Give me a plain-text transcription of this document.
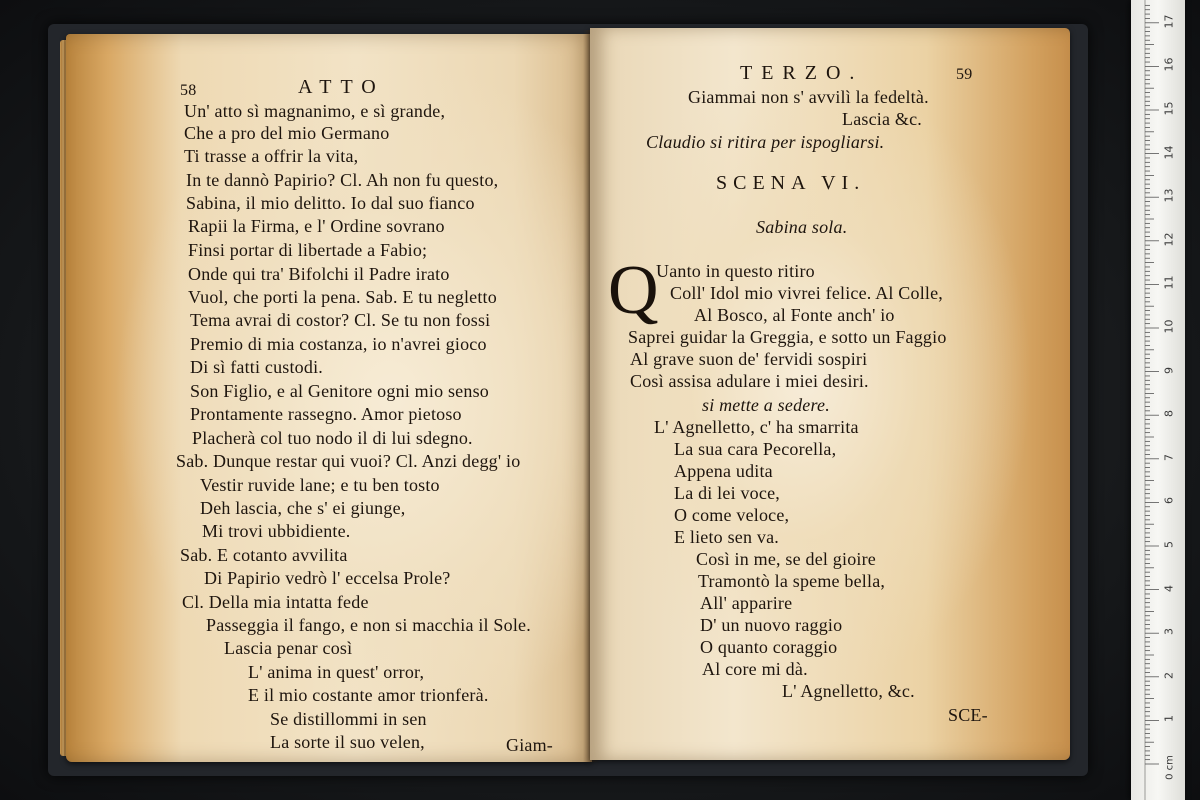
58	ATTO
Un' atto sì magnanimo, e sì grande,
Che a pro del mio Germano
Ti trasse a offrir la vita,
In te dannò Papirio? Cl. Ah non fu questo,
Sabina, il mio delitto. Io dal suo fianco
Rapii la Firma, e l' Ordine sovrano
Finsi portar di libertade a Fabio;
Onde qui tra' Bifolchi il Padre irato
Vuol, che porti la pena. Sab. E tu negletto
Tema avrai di costor? Cl. Se tu non fossi
Premio di mia costanza, io n'avrei gioco
Di sì fatti custodi.
Son Figlio, e al Genitore ogni mio senso
Prontamente rassegno. Amor pietoso
Placherà col tuo nodo il di lui sdegno.
Sab. Dunque restar qui vuoi? Cl. Anzi degg' io
Vestir ruvide lane; e tu ben tosto
Deh lascia, che s' ei giunge,
Mi trovi ubbidiente.
Sab. E cotanto avvilita
Di Papirio vedrò l' eccelsa Prole?
Cl. Della mia intatta fede
Passeggia il fango, e non si macchia il Sole.
Lascia penar così
L' anima in quest' orror,
E il mio costante amor trionferà.
Se distillommi in sen
La sorte il suo velen,	Giam-
TERZO.	59
Giammai non s' avvilì la fedeltà.
Lascia &c.
Claudio si ritira per ispogliarsi.
SCENA VI.
Sabina sola.
Q
Uanto in questo ritiro
Coll' Idol mio vivrei felice. Al Colle,
Al Bosco, al Fonte anch' io
Saprei guidar la Greggia, e sotto un Faggio
Al grave suon de' fervidi sospiri
Così assisa adulare i miei desiri.
si mette a sedere.
L' Agnelletto, c' ha smarrita
La sua cara Pecorella,
Appena udita
La di lei voce,
O come veloce,
E lieto sen va.
Così in me, se del gioire
Tramontò la speme bella,
All' apparire
D' un nuovo raggio
O quanto coraggio
Al core mi dà.
L' Agnelletto, &c.
SCE-	1
2
3
4
5
6
7
8
9
10
11
12
13
14
15
16
17
0 cm
